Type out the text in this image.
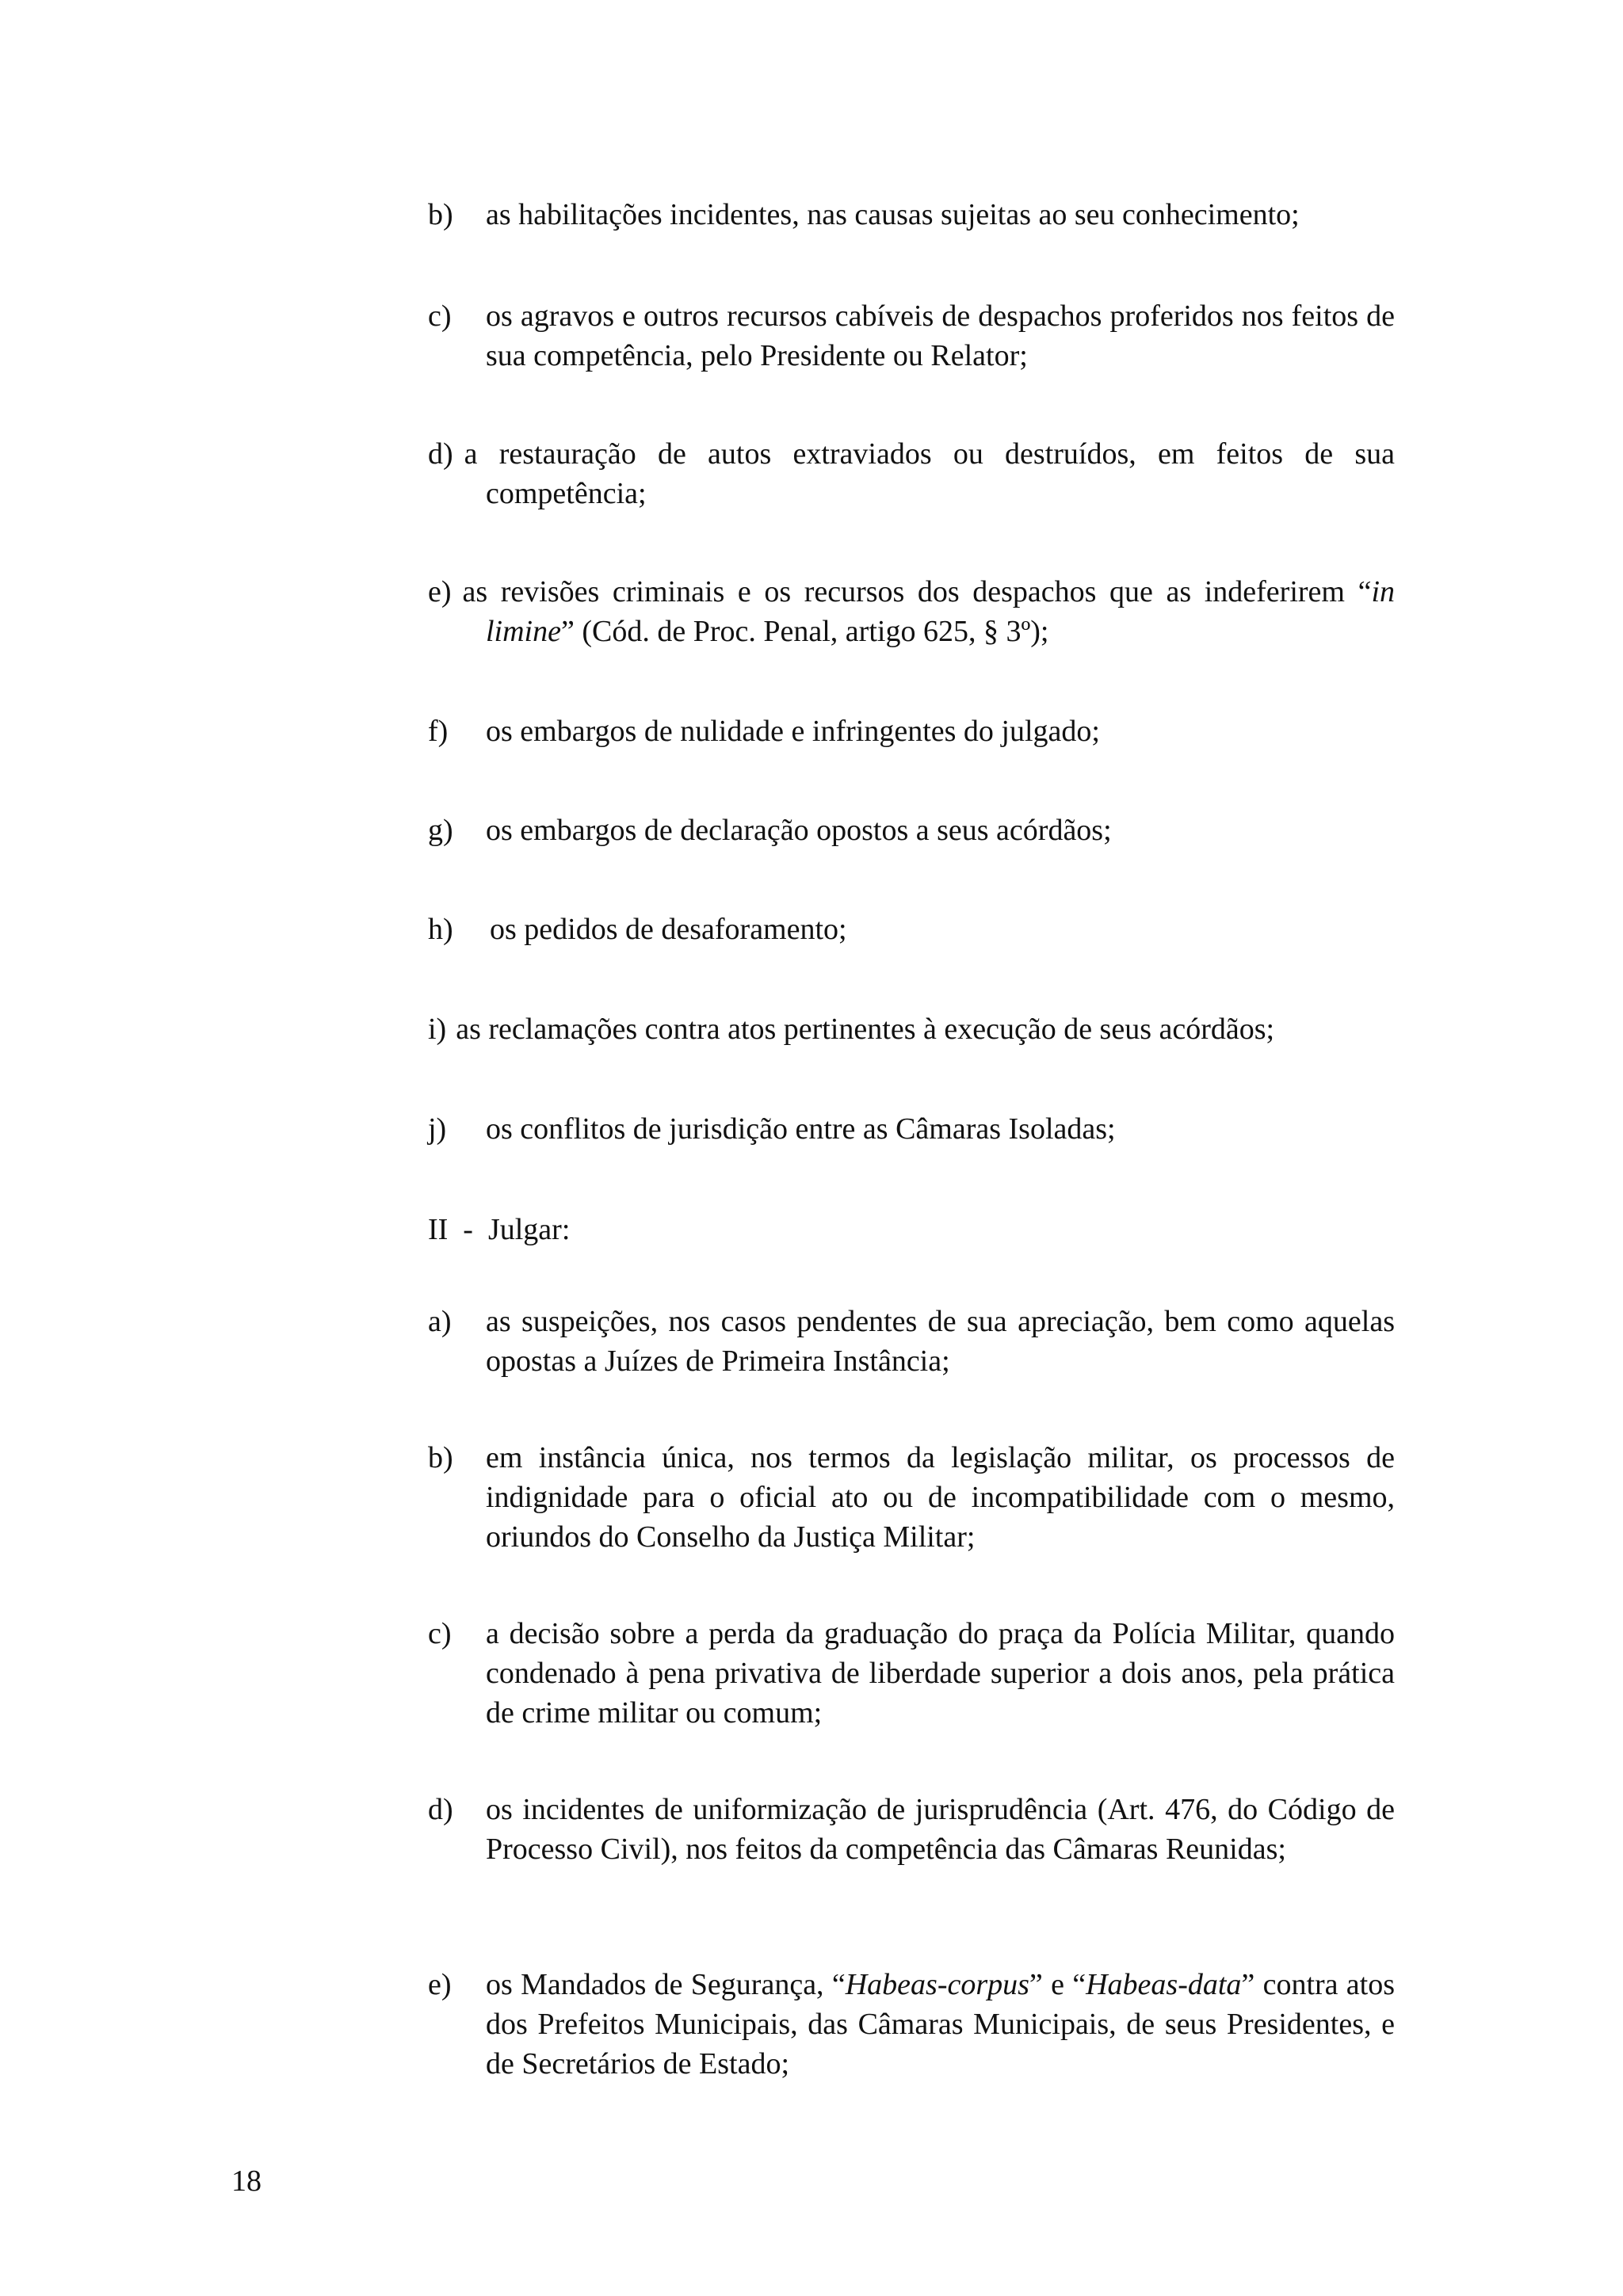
b) as habilitações incidentes, nas causas sujeitas ao seu conhecimento;
c) os agravos e outros recursos cabíveis de despachos proferidos nos feitos de sua competência, pelo Presidente ou Relator;
d) a restauração de autos extraviados ou destruídos, em feitos de sua competência;
e) as revisões criminais e os recursos dos despachos que as indeferirem “in limine” (Cód. de Proc. Penal, artigo 625, § 3º);
f) os embargos de nulidade e infringentes do julgado;
g) os embargos de declaração opostos a seus acórdãos;
h) os pedidos de desaforamento;
i) as reclamações contra atos pertinentes à execução de seus acórdãos;
j) os conflitos de jurisdição entre as Câmaras Isoladas;
II  -  Julgar:
a) as suspeições, nos casos pendentes de sua apreciação, bem como aquelas opostas a Juízes de Primeira Instância;
b) em instância única, nos termos da legislação militar, os processos de indignidade para o oficial ato ou de incompatibilidade com o mesmo, oriundos do Conselho da Justiça Militar;
c) a decisão sobre a perda da graduação do praça da Polícia Militar, quando condenado à pena privativa de liberdade superior a dois anos, pela prática de crime militar ou comum;
d) os incidentes de uniformização de jurisprudência (Art. 476, do Código de Processo Civil), nos feitos da competência das Câmaras Reunidas;
e) os Mandados de Segurança, “Habeas-corpus” e “Habeas-data” contra atos dos Prefeitos Municipais, das Câmaras Municipais, de seus Presidentes, e de Secretários de Estado;
18
